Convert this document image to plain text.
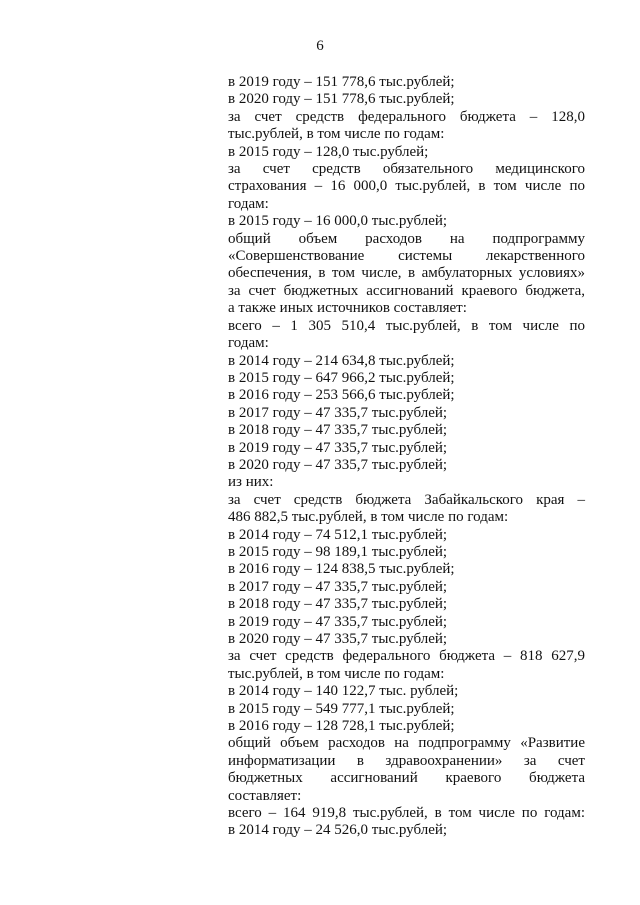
6
в 2019 году – 151 778,6 тыс.рублей;
в 2020 году – 151 778,6 тыс.рублей;
за счет средств федерального бюджета – 128,0
тыс.рублей, в том числе по годам:
в 2015 году – 128,0 тыс.рублей;
за счет средств обязательного медицинского
страхования – 16 000,0 тыс.рублей, в том числе по
годам:
в 2015 году – 16 000,0 тыс.рублей;
общий объем расходов на подпрограмму
«Совершенствование системы лекарственного
обеспечения, в том числе, в амбулаторных условиях»
за счет бюджетных ассигнований краевого бюджета,
а также иных источников составляет:
всего – 1 305 510,4 тыс.рублей, в том числе по
годам:
в 2014 году – 214 634,8 тыс.рублей;
в 2015 году – 647 966,2 тыс.рублей;
в 2016 году – 253 566,6 тыс.рублей;
в 2017 году – 47 335,7 тыс.рублей;
в 2018 году – 47 335,7 тыс.рублей;
в 2019 году – 47 335,7 тыс.рублей;
в 2020 году – 47 335,7 тыс.рублей;
из них:
за счет средств бюджета Забайкальского края –
486 882,5 тыс.рублей, в том числе по годам:
в 2014 году – 74 512,1 тыс.рублей;
в 2015 году – 98 189,1 тыс.рублей;
в 2016 году – 124 838,5 тыс.рублей;
в 2017 году – 47 335,7 тыс.рублей;
в 2018 году – 47 335,7 тыс.рублей;
в 2019 году – 47 335,7 тыс.рублей;
в 2020 году – 47 335,7 тыс.рублей;
за счет средств федерального бюджета – 818 627,9
тыс.рублей, в том числе по годам:
в 2014 году – 140 122,7 тыс. рублей;
в 2015 году – 549 777,1 тыс.рублей;
в 2016 году – 128 728,1 тыс.рублей;
общий объем расходов на подпрограмму «Развитие
информатизации в здравоохранении» за счет
бюджетных ассигнований краевого бюджета
составляет:
всего – 164 919,8 тыс.рублей, в том числе по годам:
в 2014 году – 24 526,0 тыс.рублей;
